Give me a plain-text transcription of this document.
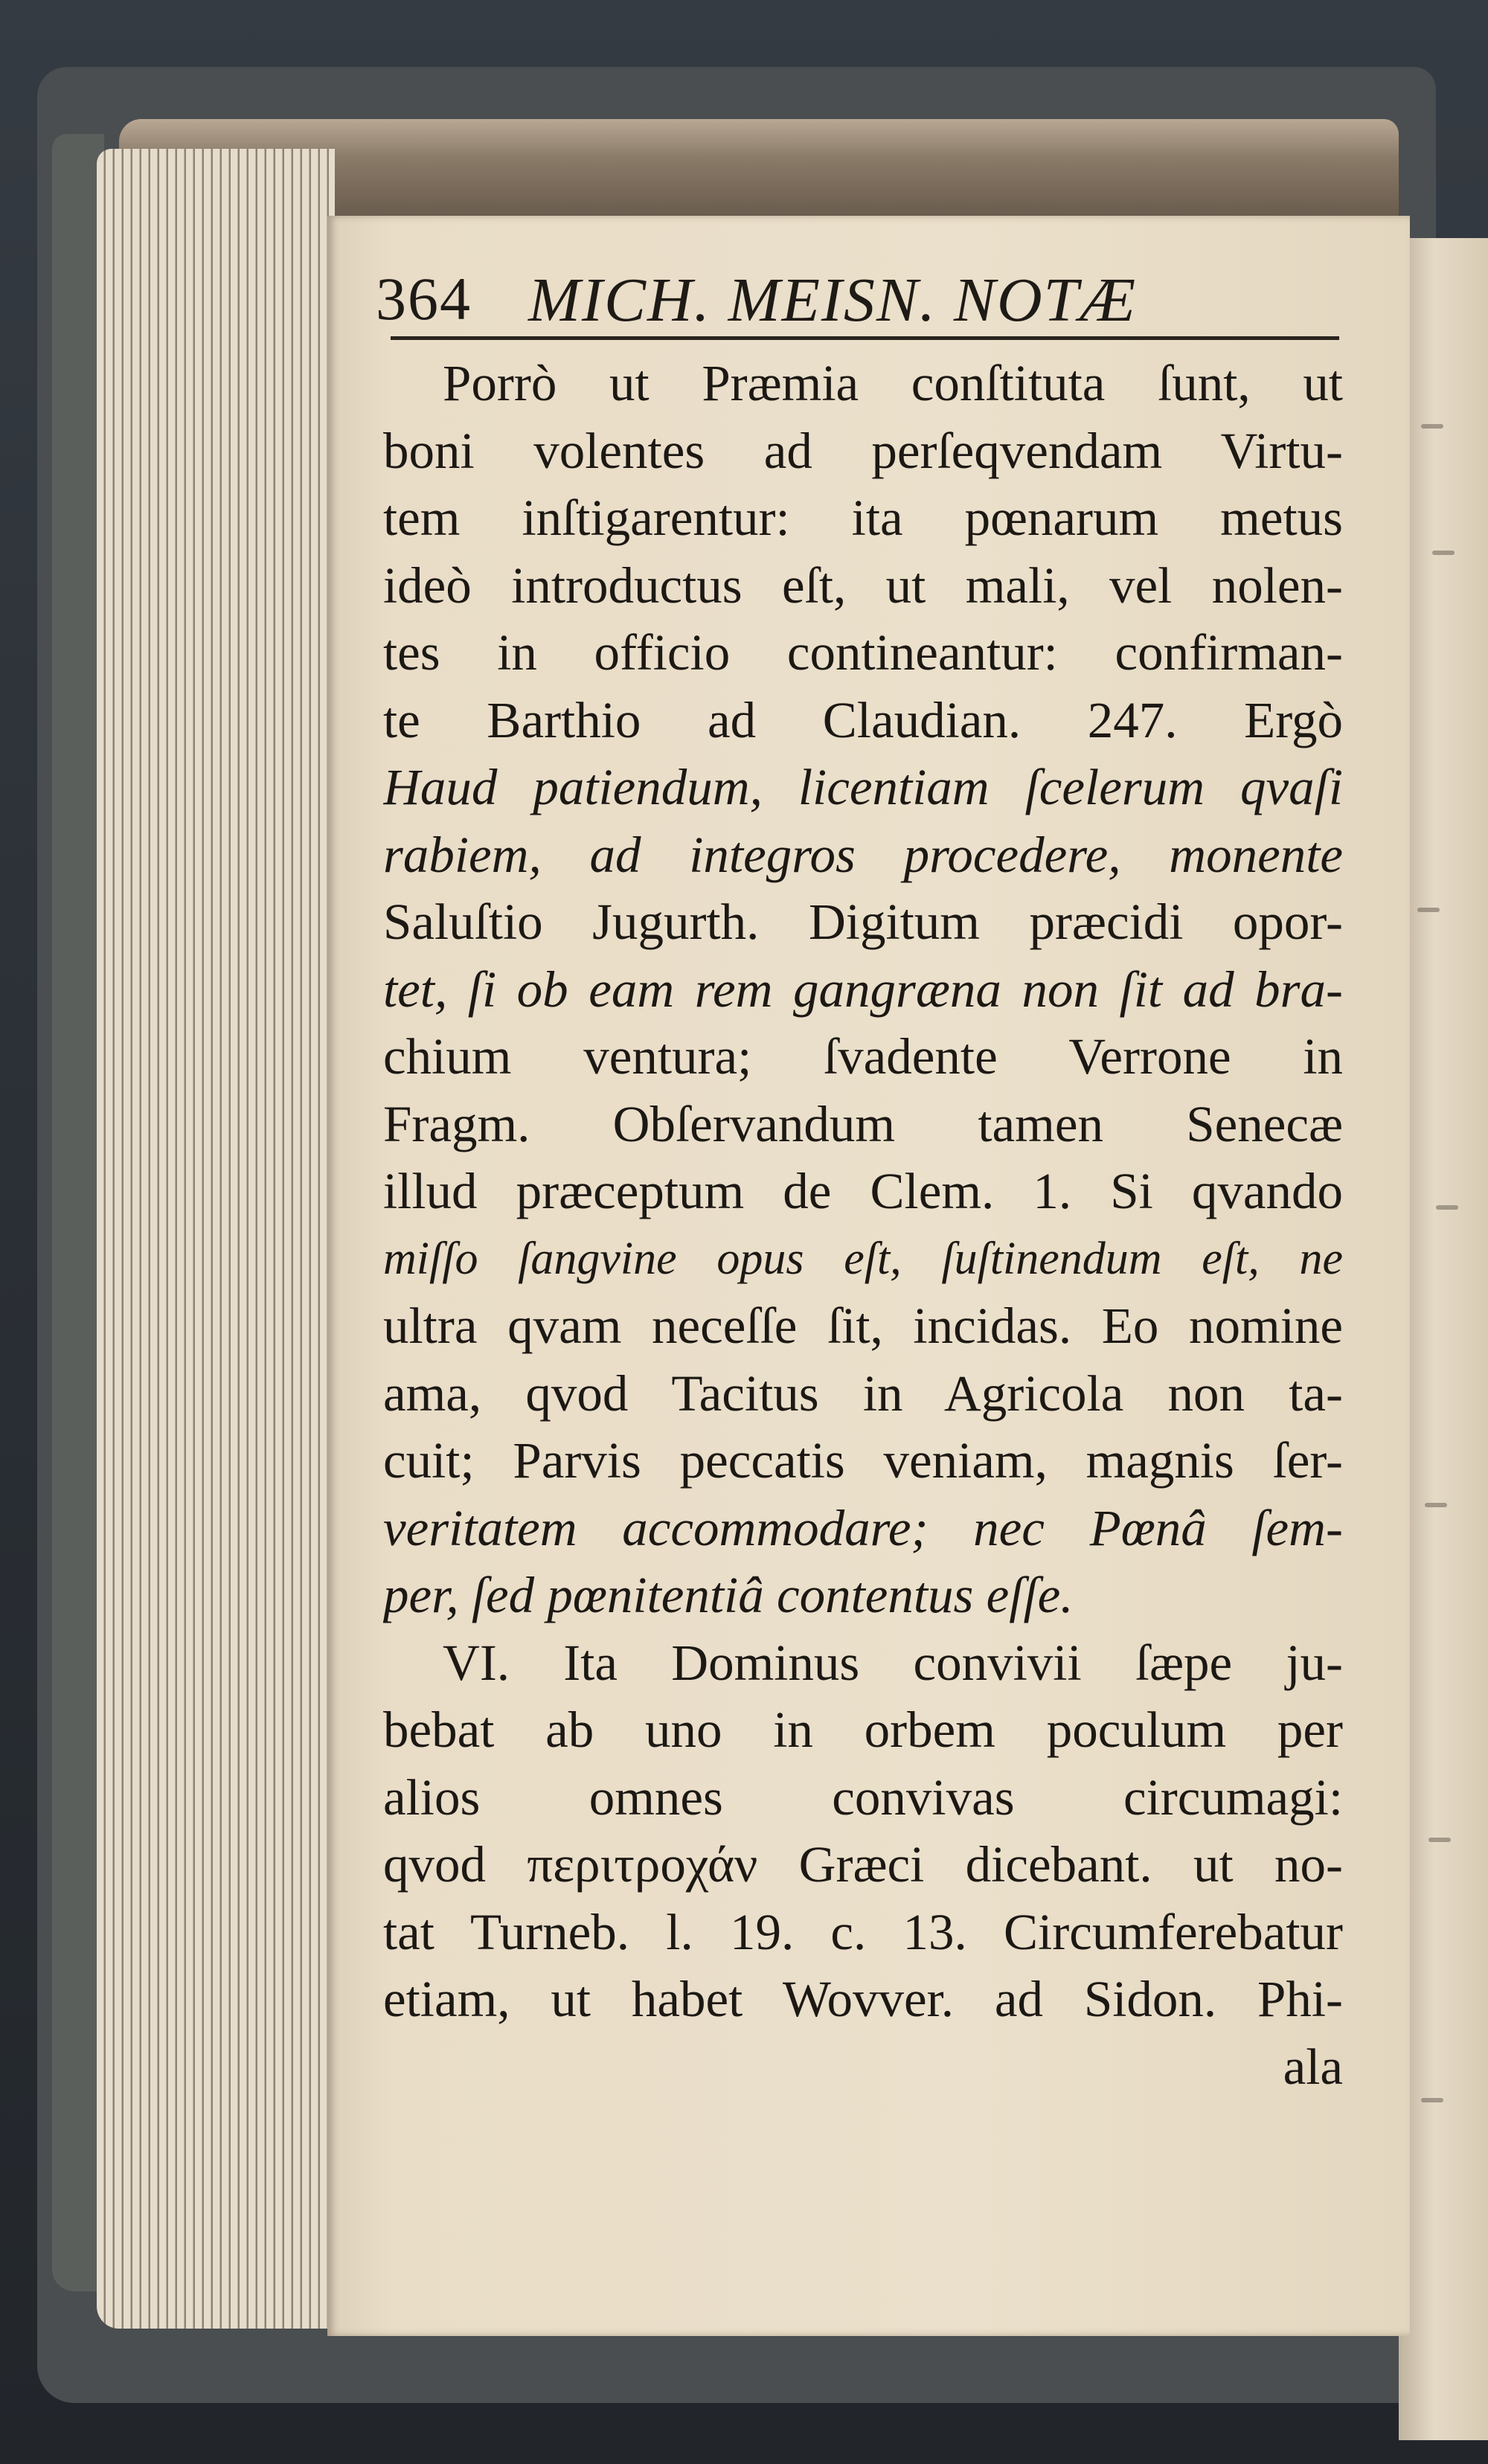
364 MICH. MEISN. NOTÆ
Porrò ut Præmia conſtituta ſunt, ut
boni volentes ad perſeqvendam Virtu-
tem inſtigarentur: ita pœnarum metus
ideò introductus eſt, ut mali, vel nolen-
tes in officio contineantur: confirman-
te Barthio ad Claudian. 247. Ergò
Haud patiendum, licentiam ſcelerum qvaſi
rabiem, ad integros procedere, monente
Saluſtio Jugurth. Digitum præcidi opor-
tet, ſi ob eam rem gangræna non ſit ad bra-
chium ventura; ſvadente Verrone in
Fragm. Obſervandum tamen Senecæ
illud præceptum de Clem. 1. Si qvando
miſſo ſangvine opus eſt, ſuſtinendum eſt, ne
ultra qvam neceſſe ſit, incidas. Eo nomine
ama, qvod Tacitus in Agricola non ta-
cuit; Parvis peccatis veniam, magnis ſer-
veritatem accommodare; nec Pœnâ ſem-
per, ſed pœnitentiâ contentus eſſe.
VI. Ita Dominus convivii ſæpe ju-
bebat ab uno in orbem poculum per
alios omnes convivas circumagi:
qvod περιτροχάν Græci dicebant. ut no-
tat Turneb. l. 19. c. 13. Circumferebatur
etiam, ut habet Wovver. ad Sidon. Phi-
ala
